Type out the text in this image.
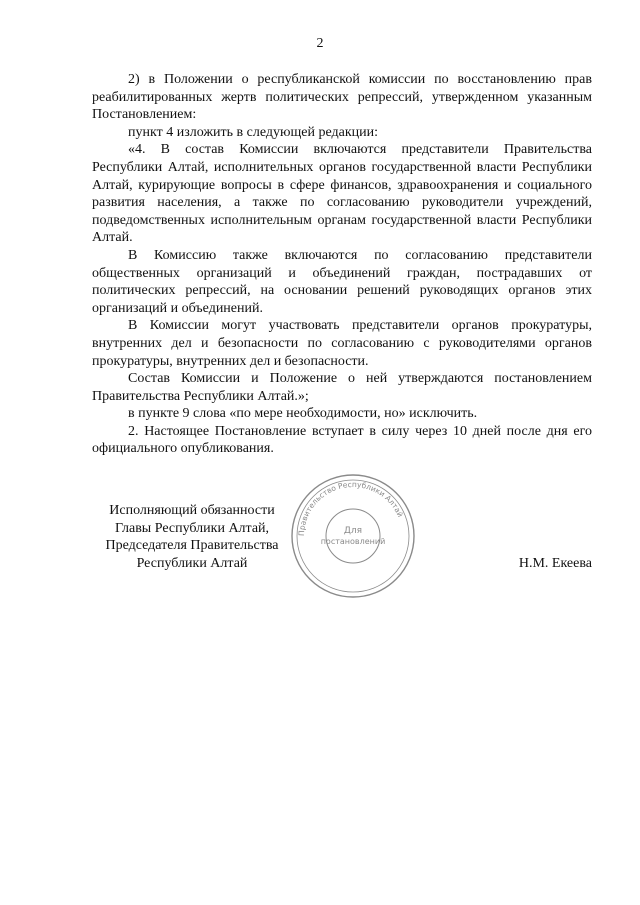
2

2) в Положении о республиканской комиссии по восстановлению прав реабилитированных жертв политических репрессий, утвержденном указанным Постановлением:

пункт 4 изложить в следующей редакции:

«4. В состав Комиссии включаются представители Правительства Республики Алтай, исполнительных органов государственной власти Республики Алтай, курирующие вопросы в сфере финансов, здравоохранения и социального развития населения, а также по согласованию руководители учреждений, подведомственных исполнительным органам государственной власти Республики Алтай.

В Комиссию также включаются по согласованию представители общественных организаций и объединений граждан, пострадавших от политических репрессий, на основании решений руководящих органов этих организаций и объединений.

В Комиссии могут участвовать представители органов прокуратуры, внутренних дел и безопасности по согласованию с руководителями органов прокуратуры, внутренних дел и безопасности.

Состав Комиссии и Положение о ней утверждаются постановлением Правительства Республики Алтай.»;

в пункте 9 слова «по мере необходимости, но» исключить.

2. Настоящее Постановление вступает в силу через 10 дней после дня его официального опубликования.

Исполняющий обязанности
Главы Республики Алтай,
Председателя Правительства
Республики Алтай	Н.М. Екеева
Правительство Республики Алтай
Для
постановлений
